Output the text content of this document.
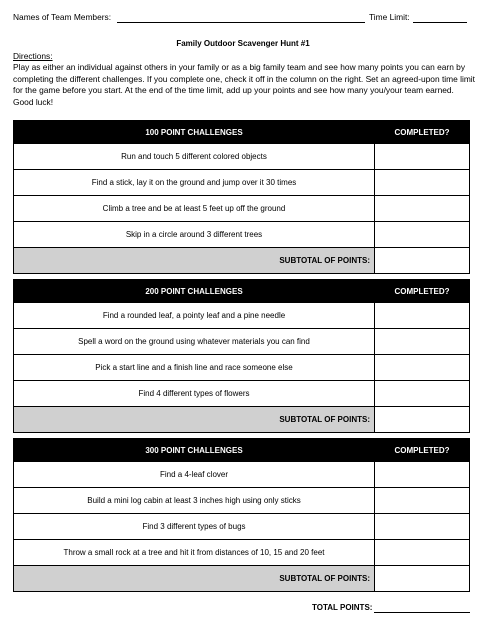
Names of Team Members:	Time Limit:
Family Outdoor Scavenger Hunt #1
Directions:
Play as either an individual against others in your family or as a big family team and see how many points you can earn by completing the different challenges. If you complete one, check it off in the column on the right. Set an agreed-upon time limit for the game before you start. At the end of the time limit, add up your points and see how many you/your team earned. Good luck!
100 POINT CHALLENGES	COMPLETED?
Run and touch 5 different colored objects	
Find a stick, lay it on the ground and jump over it 30 times	
Climb a tree and be at least 5 feet up off the ground	
Skip in a circle around 3 different trees	
SUBTOTAL OF POINTS:	
200 POINT CHALLENGES	COMPLETED?
Find a rounded leaf, a pointy leaf and a pine needle	
Spell a word on the ground using whatever materials you can find	
Pick a start line and a finish line and race someone else	
Find 4 different types of flowers	
SUBTOTAL OF POINTS:	
300 POINT CHALLENGES	COMPLETED?
Find a 4-leaf clover	
Build a mini log cabin at least 3 inches high using only sticks	
Find 3 different types of bugs	
Throw a small rock at a tree and hit it from distances of 10, 15 and 20 feet	
SUBTOTAL OF POINTS:	
TOTAL POINTS:
